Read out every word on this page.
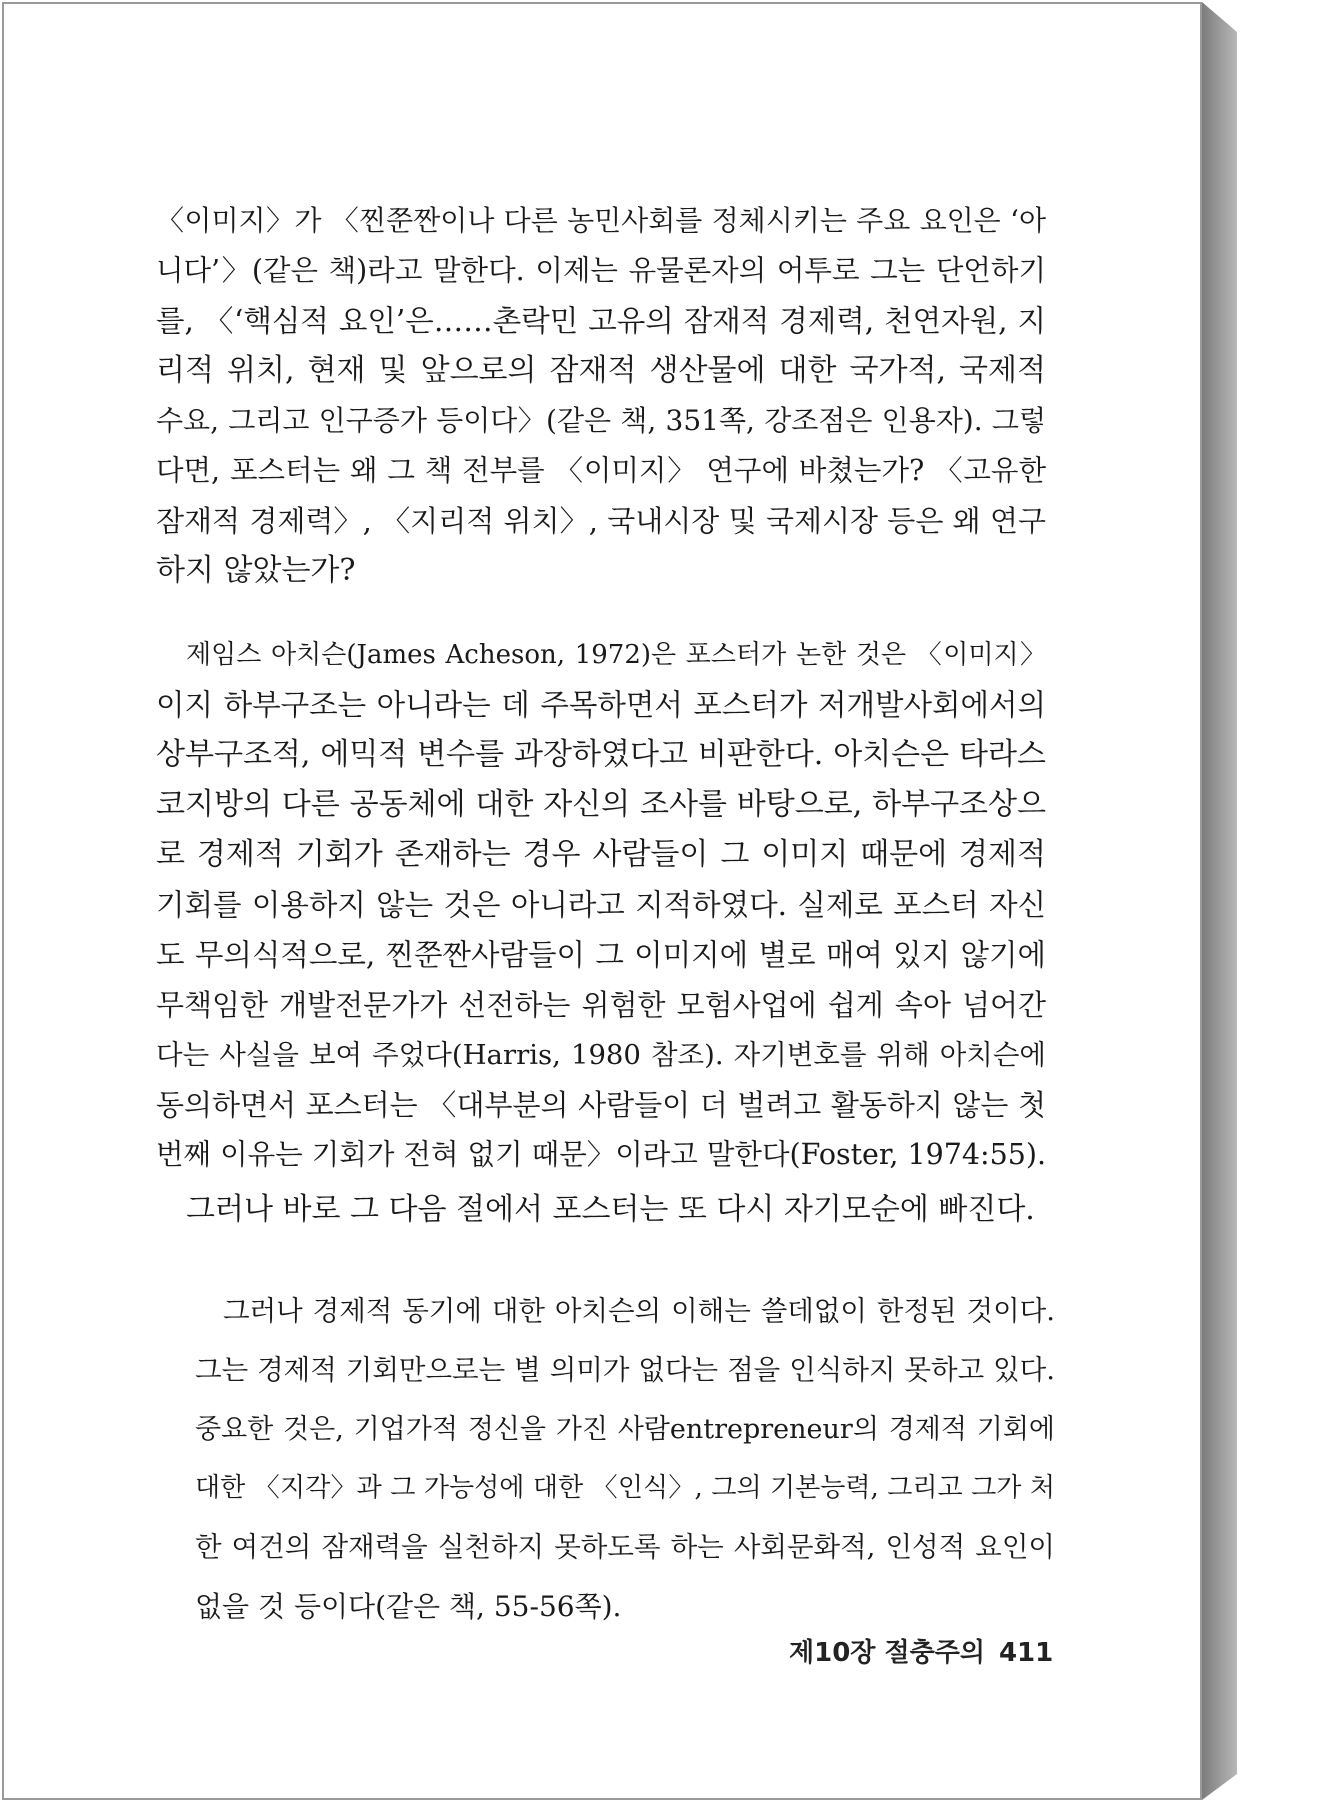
〈이미지〉가 〈찐쭌짠이나 다른 농민사회를 정체시키는 주요 요인은 ‘아
니다’〉(같은 책)라고 말한다. 이제는 유물론자의 어투로 그는 단언하기
를, 〈‘핵심적 요인’은……촌락민 고유의 잠재적 경제력, 천연자원, 지
리적 위치, 현재 및 앞으로의 잠재적 생산물에 대한 국가적, 국제적
수요, 그리고 인구증가 등이다〉(같은 책, 351쪽, 강조점은 인용자). 그렇
다면, 포스터는 왜 그 책 전부를 〈이미지〉 연구에 바쳤는가? 〈고유한
잠재적 경제력〉, 〈지리적 위치〉, 국내시장 및 국제시장 등은 왜 연구
하지 않았는가?
제임스 아치슨(James Acheson, 1972)은 포스터가 논한 것은 〈이미지〉
이지 하부구조는 아니라는 데 주목하면서 포스터가 저개발사회에서의
상부구조적, 에믹적 변수를 과장하였다고 비판한다. 아치슨은 타라스
코지방의 다른 공동체에 대한 자신의 조사를 바탕으로, 하부구조상으
로 경제적 기회가 존재하는 경우 사람들이 그 이미지 때문에 경제적
기회를 이용하지 않는 것은 아니라고 지적하였다. 실제로 포스터 자신
도 무의식적으로, 찐쭌짠사람들이 그 이미지에 별로 매여 있지 않기에
무책임한 개발전문가가 선전하는 위험한 모험사업에 쉽게 속아 넘어간
다는 사실을 보여 주었다(Harris, 1980 참조). 자기변호를 위해 아치슨에
동의하면서 포스터는 〈대부분의 사람들이 더 벌려고 활동하지 않는 첫
번째 이유는 기회가 전혀 없기 때문〉이라고 말한다(Foster, 1974:55).
그러나 바로 그 다음 절에서 포스터는 또 다시 자기모순에 빠진다.
그러나 경제적 동기에 대한 아치슨의 이해는 쓸데없이 한정된 것이다.
그는 경제적 기회만으로는 별 의미가 없다는 점을 인식하지 못하고 있다.
중요한 것은, 기업가적 정신을 가진 사람entrepreneur의 경제적 기회에
대한 〈지각〉과 그 가능성에 대한 〈인식〉, 그의 기본능력, 그리고 그가 처
한 여건의 잠재력을 실천하지 못하도록 하는 사회문화적, 인성적 요인이
없을 것 등이다(같은 책, 55-56쪽).
제10장 절충주의 411
